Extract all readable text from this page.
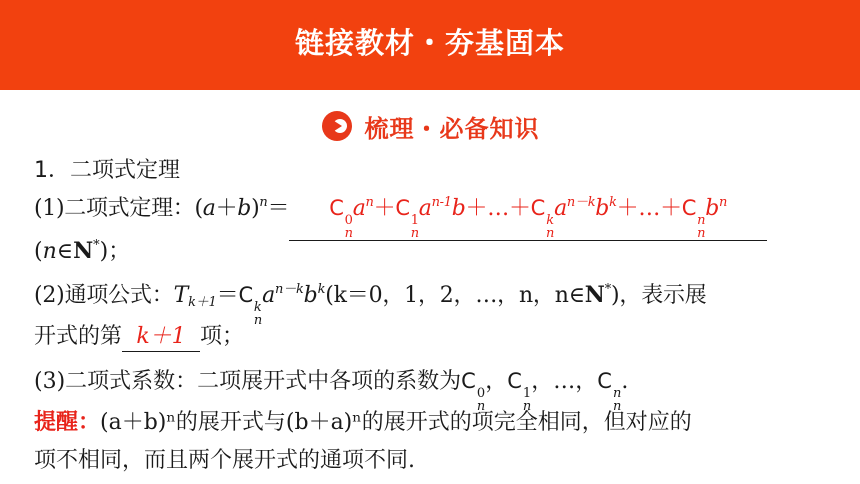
链接教材・夯基固本
梳理・必备知识
1．二项式定理
(1)二项式定理：$(a+b)^n= C$
0
n
$a^n+C$
1
n
$a^{n-1}b+\dots+C$
k
n
$a^{n-k}b^k+\dots+C$
n
n
$b^n$
(n∈N*)；
(2)通项公式：$T_{k+1}=C$
k
n
$a^{n-k}b^k(k=0$，1，2，…，n，n∈N*)，表示展
开式的第 k＋1 项；
(3)二项式系数：二项展开式中各项的系数为C
0
n
，C
1
n
，…，C
n
n
.
提醒：(a＋b)ⁿ的展开式与(b＋a)ⁿ的展开式的项完全相同，但对应的
项不相同，而且两个展开式的通项不同.
